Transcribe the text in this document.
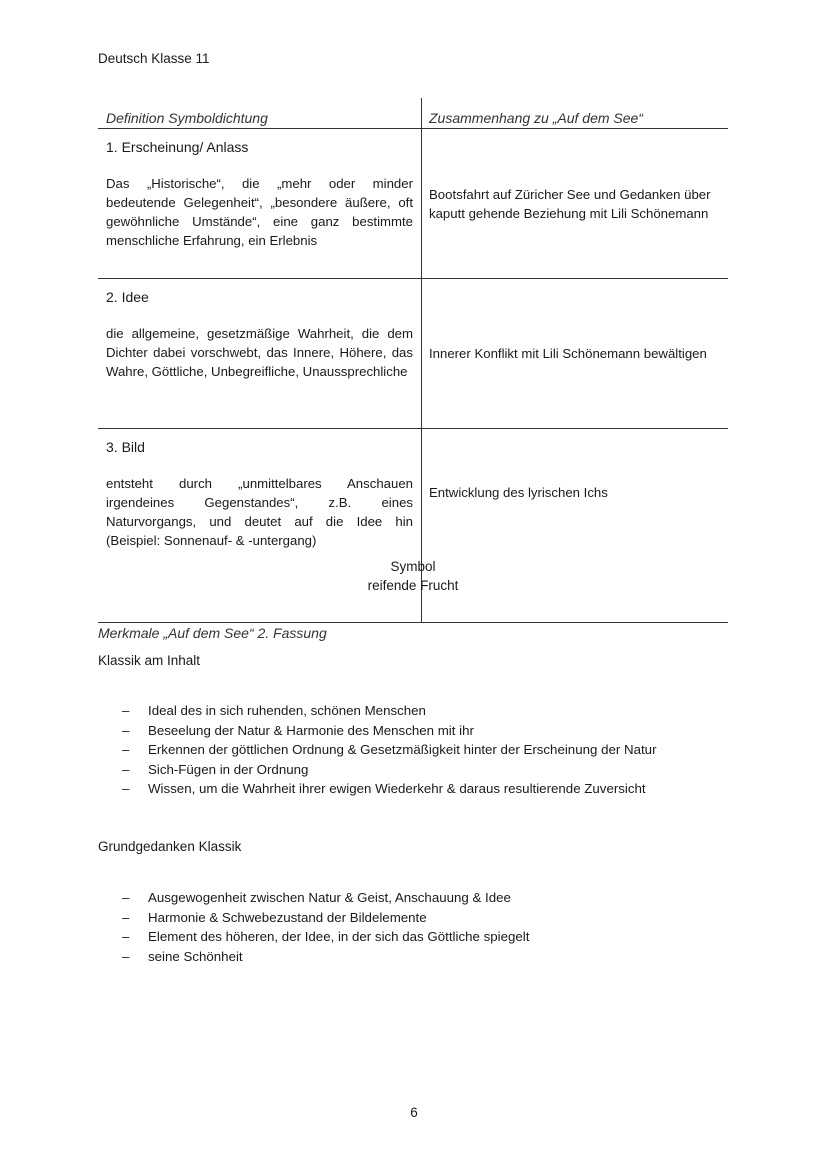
Deutsch Klasse 11
Definition Symboldichtung	Zusammenhang zu „Auf dem See“

1. Erscheinung/ Anlass
Das „Historische“, die „mehr oder minder bedeutende Gelegenheit“, „besondere äußere, oft gewöhnliche Umstände“, eine ganz bestimmte menschliche Erfahrung, ein Erlebnis	Bootsfahrt auf Züricher See und Gedanken über kaputt gehende Beziehung mit Lili Schönemann

2. Idee
die allgemeine, gesetzmäßige Wahrheit, die dem Dichter dabei vorschwebt, das Innere, Höhere, das Wahre, Göttliche, Unbegreifliche, Unaussprechliche	Innerer Konflikt mit Lili Schönemann bewältigen

3. Bild
entsteht durch „unmittelbares Anschauen irgendeines Gegenstandes“, z.B. eines Naturvorgangs, und deutet auf die Idee hin (Beispiel: Sonnenauf- & -untergang)	Entwicklung des lyrischen Ichs
Symbol
reifende Frucht
Merkmale „Auf dem See“ 2. Fassung
Klassik am Inhalt
–	Ideal des in sich ruhenden, schönen Menschen
–	Beseelung der Natur & Harmonie des Menschen mit ihr
–	Erkennen der göttlichen Ordnung & Gesetzmäßigkeit hinter der Erscheinung der Natur
–	Sich-Fügen in der Ordnung
–	Wissen, um die Wahrheit ihrer ewigen Wiederkehr & daraus resultierende Zuversicht
Grundgedanken Klassik
–	Ausgewogenheit zwischen Natur & Geist, Anschauung & Idee
–	Harmonie & Schwebezustand der Bildelemente
–	Element des höheren, der Idee, in der sich das Göttliche spiegelt
–	seine Schönheit
6
